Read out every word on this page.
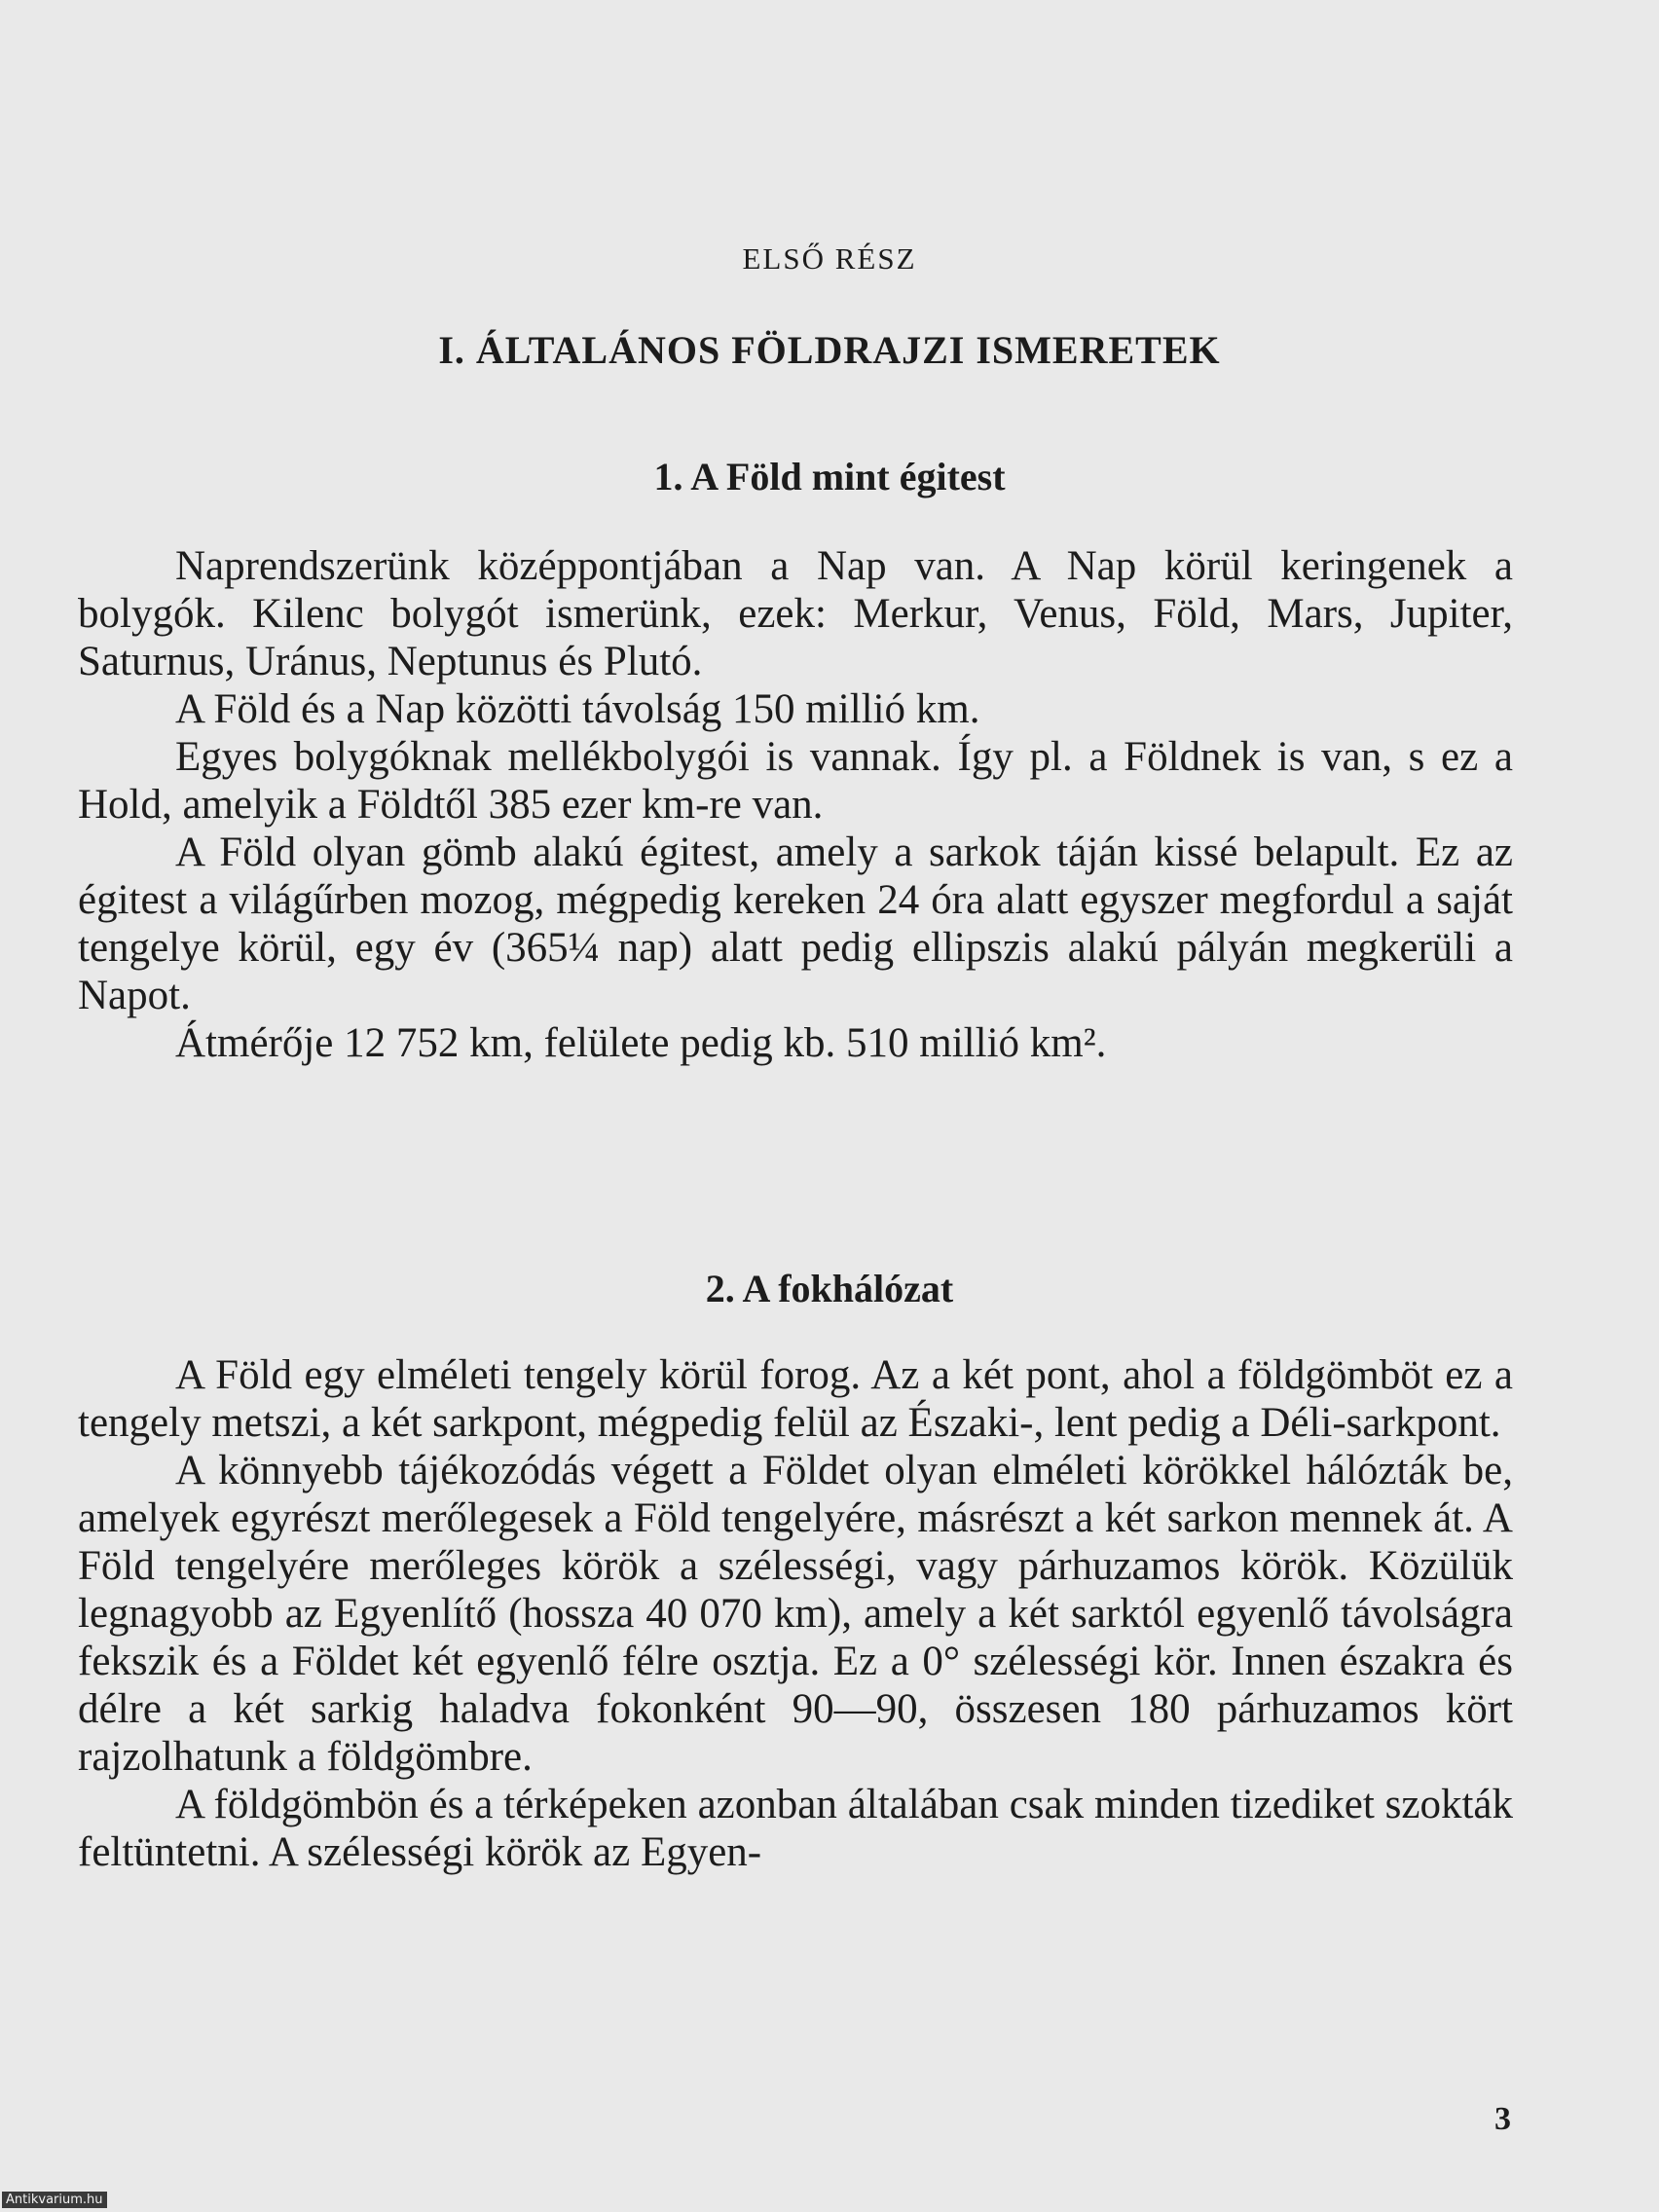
ELSŐ RÉSZ
I. ÁLTALÁNOS FÖLDRAJZI ISMERETEK
1. A Föld mint égitest

Naprendszerünk középpontjában a Nap van. A Nap körül keringenek a bolygók. Kilenc bolygót ismerünk, ezek: Merkur, Venus, Föld, Mars, Jupiter, Saturnus, Uránus, Neptunus és Plutó.

A Föld és a Nap közötti távolság 150 millió km.

Egyes bolygóknak mellékbolygói is vannak. Így pl. a Földnek is van, s ez a Hold, amelyik a Földtől 385 ezer km-re van.

A Föld olyan gömb alakú égitest, amely a sarkok táján kissé belapult. Ez az égitest a világűrben mozog, mégpedig kereken 24 óra alatt egyszer megfordul a saját tengelye körül, egy év (365¼ nap) alatt pedig ellipszis alakú pályán megkerüli a Napot.

Átmérője 12 752 km, felülete pedig kb. 510 millió km².

2. A fokhálózat

A Föld egy elméleti tengely körül forog. Az a két pont, ahol a földgömböt ez a tengely metszi, a két sarkpont, mégpedig felül az Északi-, lent pedig a Déli-sarkpont.

A könnyebb tájékozódás végett a Földet olyan elméleti körökkel hálózták be, amelyek egyrészt merőlegesek a Föld tengelyére, másrészt a két sarkon mennek át. A Föld tengelyére merőleges körök a szélességi, vagy párhuzamos körök. Közülük legnagyobb az Egyenlítő (hossza 40 070 km), amely a két sarktól egyenlő távolságra fekszik és a Földet két egyenlő félre osztja. Ez a 0° szélességi kör. Innen északra és délre a két sarkig haladva fokonként 90—90, összesen 180 párhuzamos kört rajzolhatunk a földgömbre.

A földgömbön és a térképeken azonban általában csak minden tizediket szokták feltüntetni. A szélességi körök az Egyen-

3
Antikvarium.hu
